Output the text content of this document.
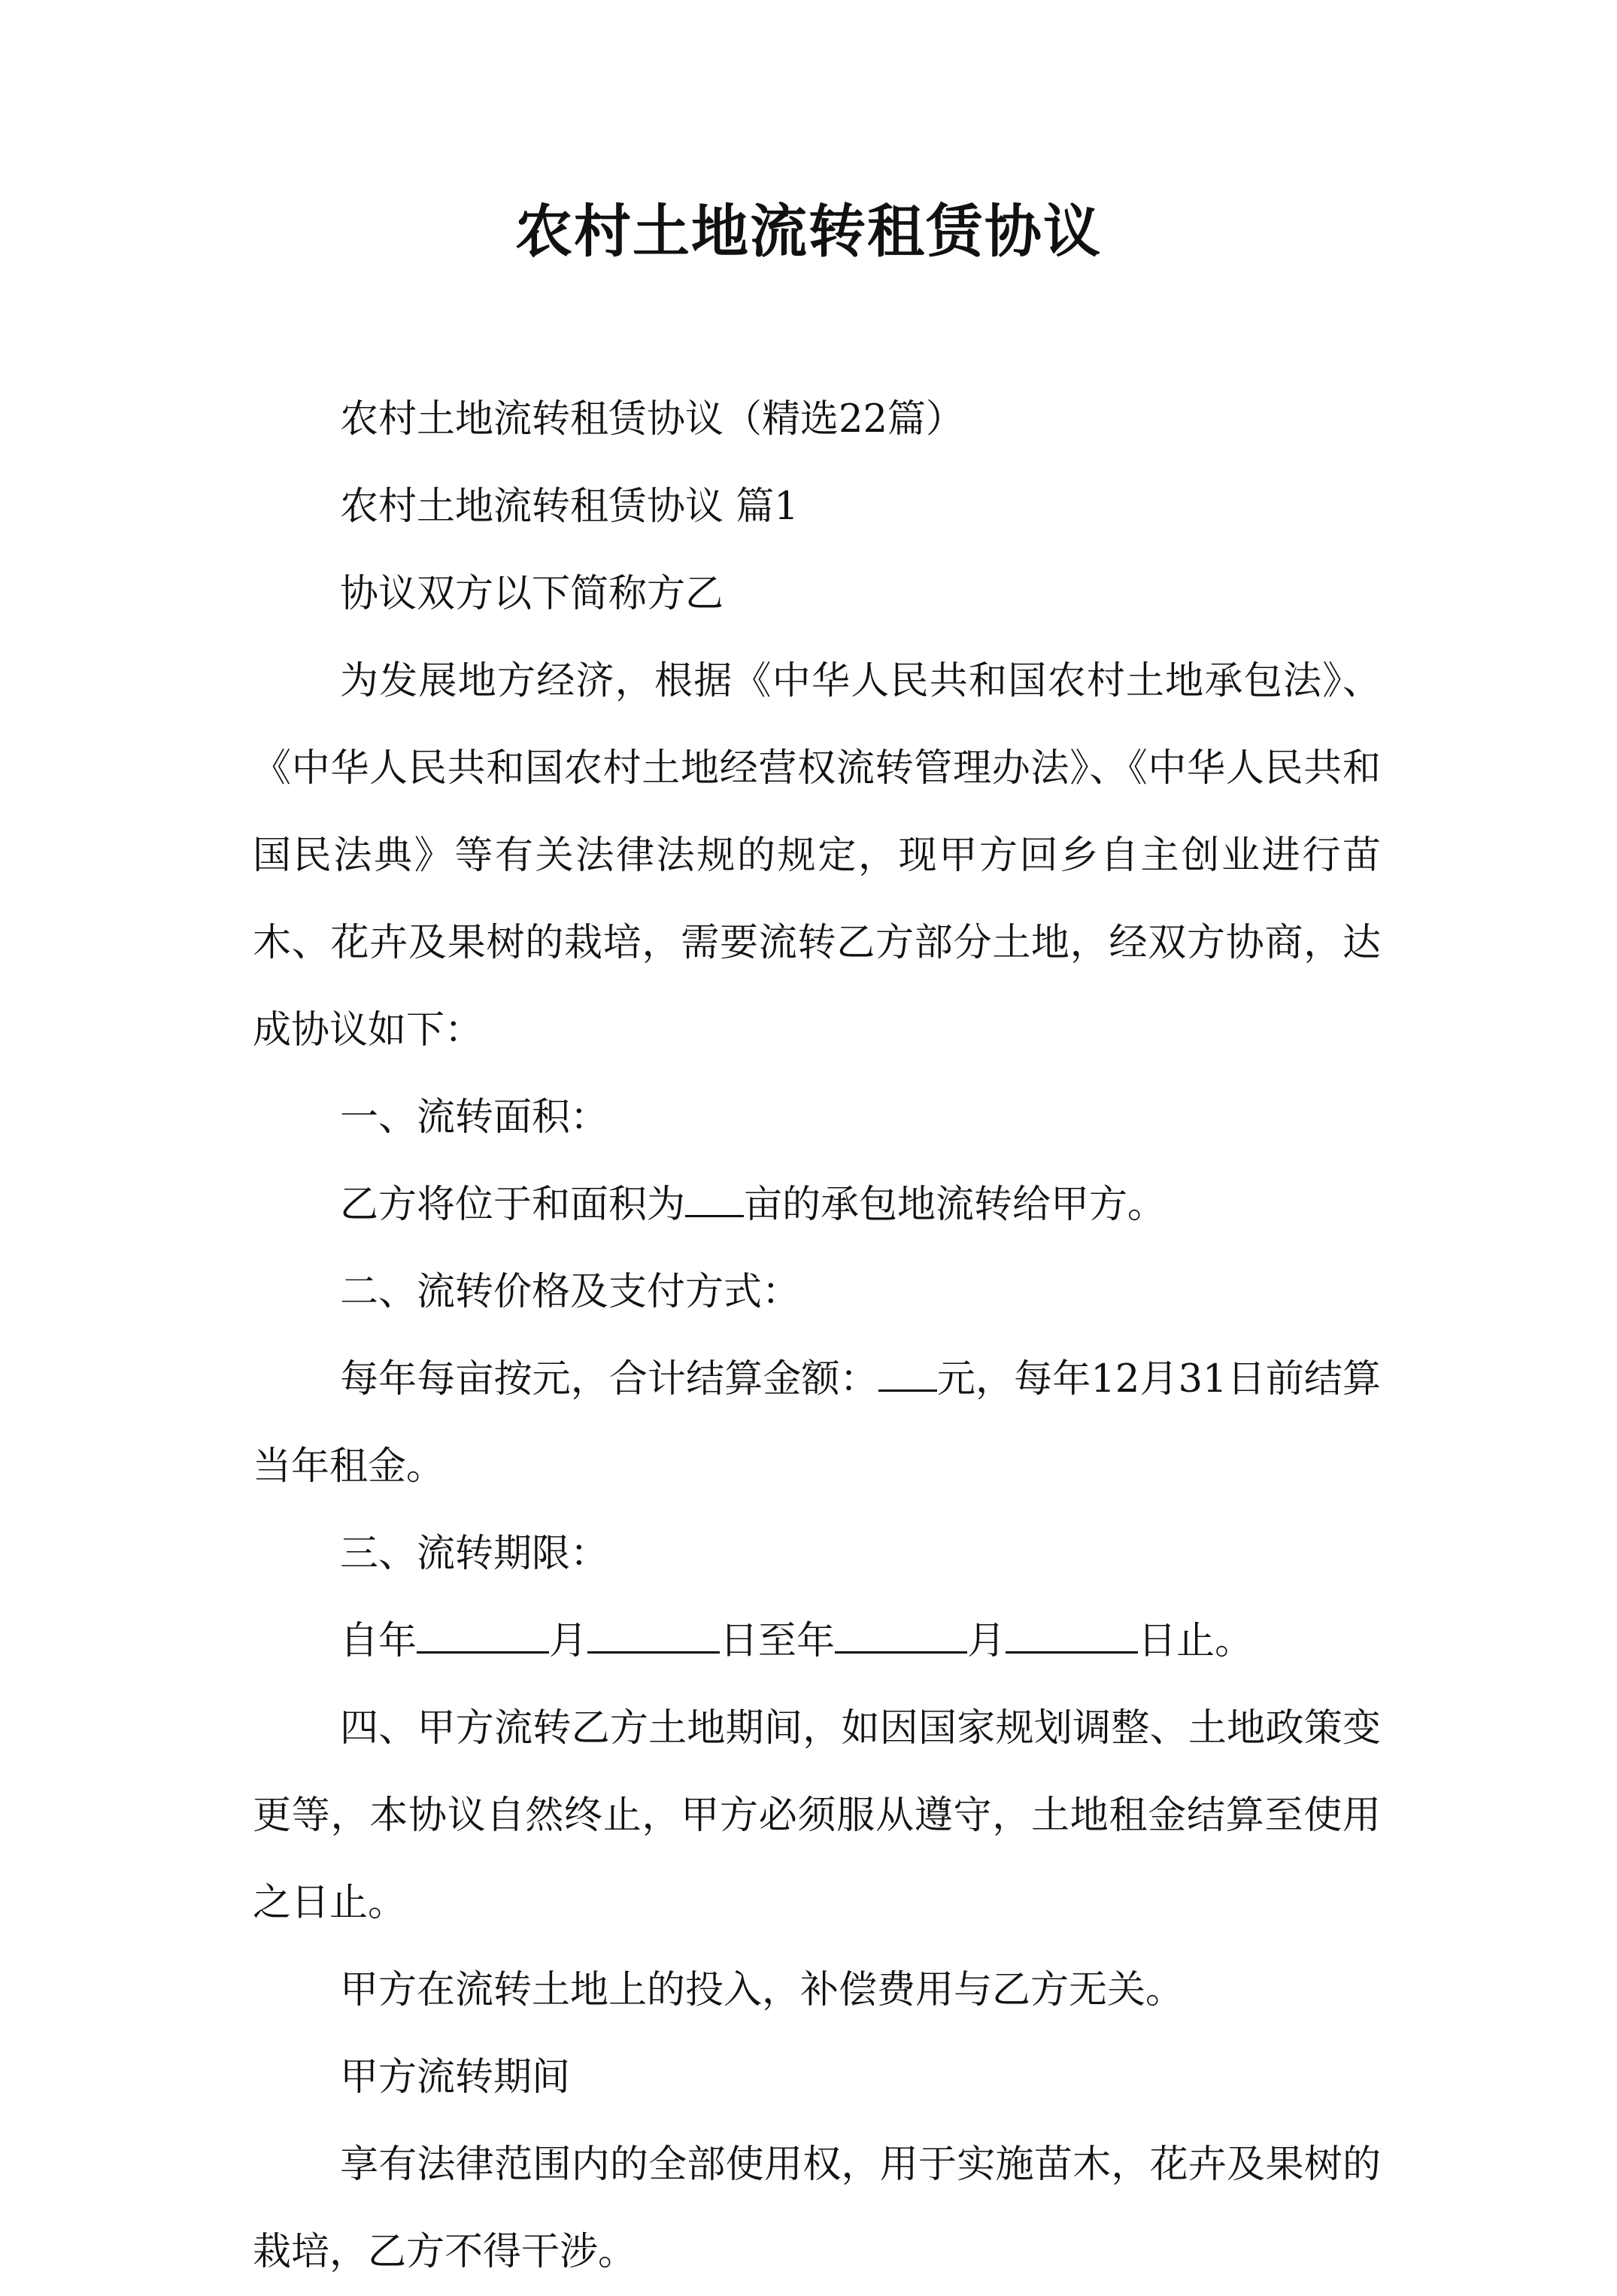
农村土地流转租赁协议

农村土地流转租赁协议（精选22篇）

农村土地流转租赁协议 篇1

协议双方以下简称方乙

为发展地方经济，根据《中华人民共和国农村土地承包法》、《中华人民共和国农村土地经营权流转管理办法》、《中华人民共和国民法典》等有关法律法规的规定，现甲方回乡自主创业进行苗木、花卉及果树的栽培，需要流转乙方部分土地，经双方协商，达成协议如下：

一、流转面积：

乙方将位于和面积为 亩的承包地流转给甲方。

二、流转价格及支付方式：

每年每亩按元，合计结算金额： 元，每年12月31日前结算当年租金。

三、流转期限：

自年	月	日至年	月	日止。

四、甲方流转乙方土地期间，如因国家规划调整、土地政策变更等，本协议自然终止，甲方必须服从遵守，土地租金结算至使用之日止。

甲方在流转土地上的投入，补偿费用与乙方无关。

甲方流转期间

享有法律范围内的全部使用权，用于实施苗木，花卉及果树的栽培，乙方不得干涉。
